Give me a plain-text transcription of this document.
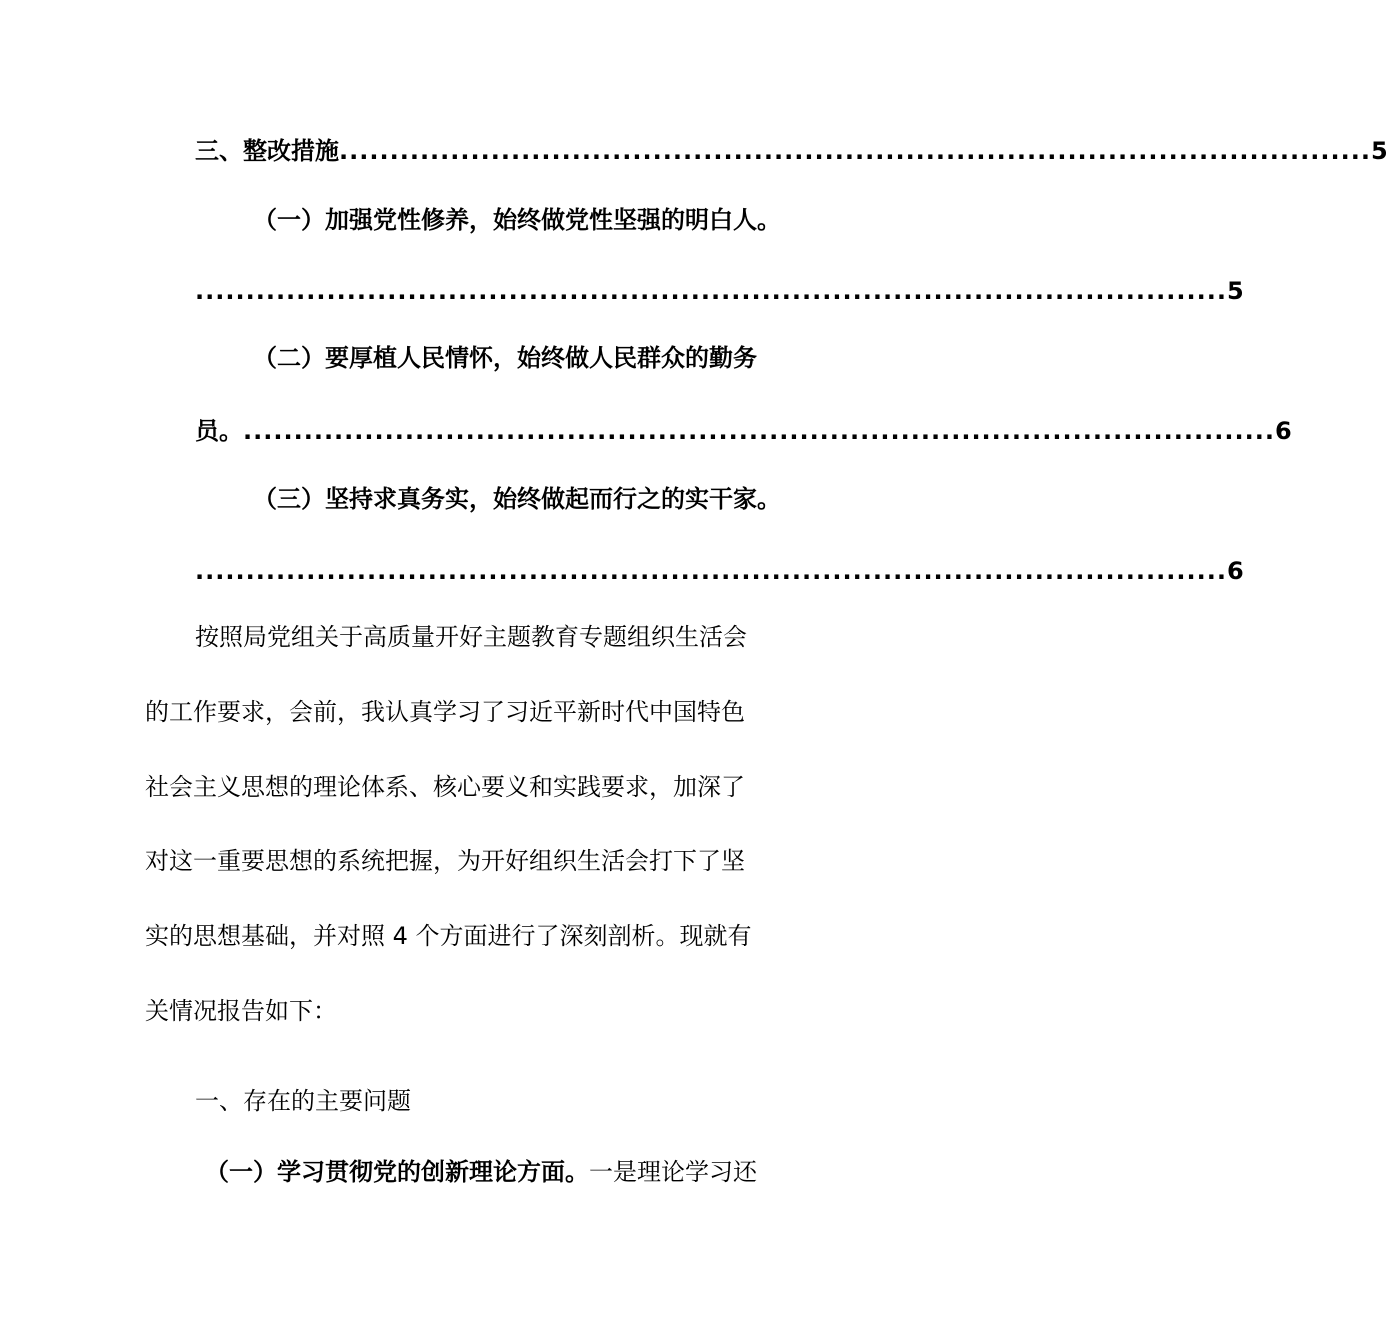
三、整改措施 ...................................................................................................... 5
（一）加强党性修养，始终做党性坚强的明白人。
...................................................................................................... 5
（二）要厚植人民情怀，始终做人民群众的勤务
员。 ...................................................................................................... 6
（三）坚持求真务实，始终做起而行之的实干家。
...................................................................................................... 6
按照局党组关于高质量开好主题教育专题组织生活会
的工作要求，会前，我认真学习了习近平新时代中国特色
社会主义思想的理论体系、核心要义和实践要求，加深了
对这一重要思想的系统把握，为开好组织生活会打下了坚
实的思想基础，并对照 4 个方面进行了深刻剖析。现就有
关情况报告如下：
一、存在的主要问题
（一）学习贯彻党的创新理论方面。一是理论学习还
